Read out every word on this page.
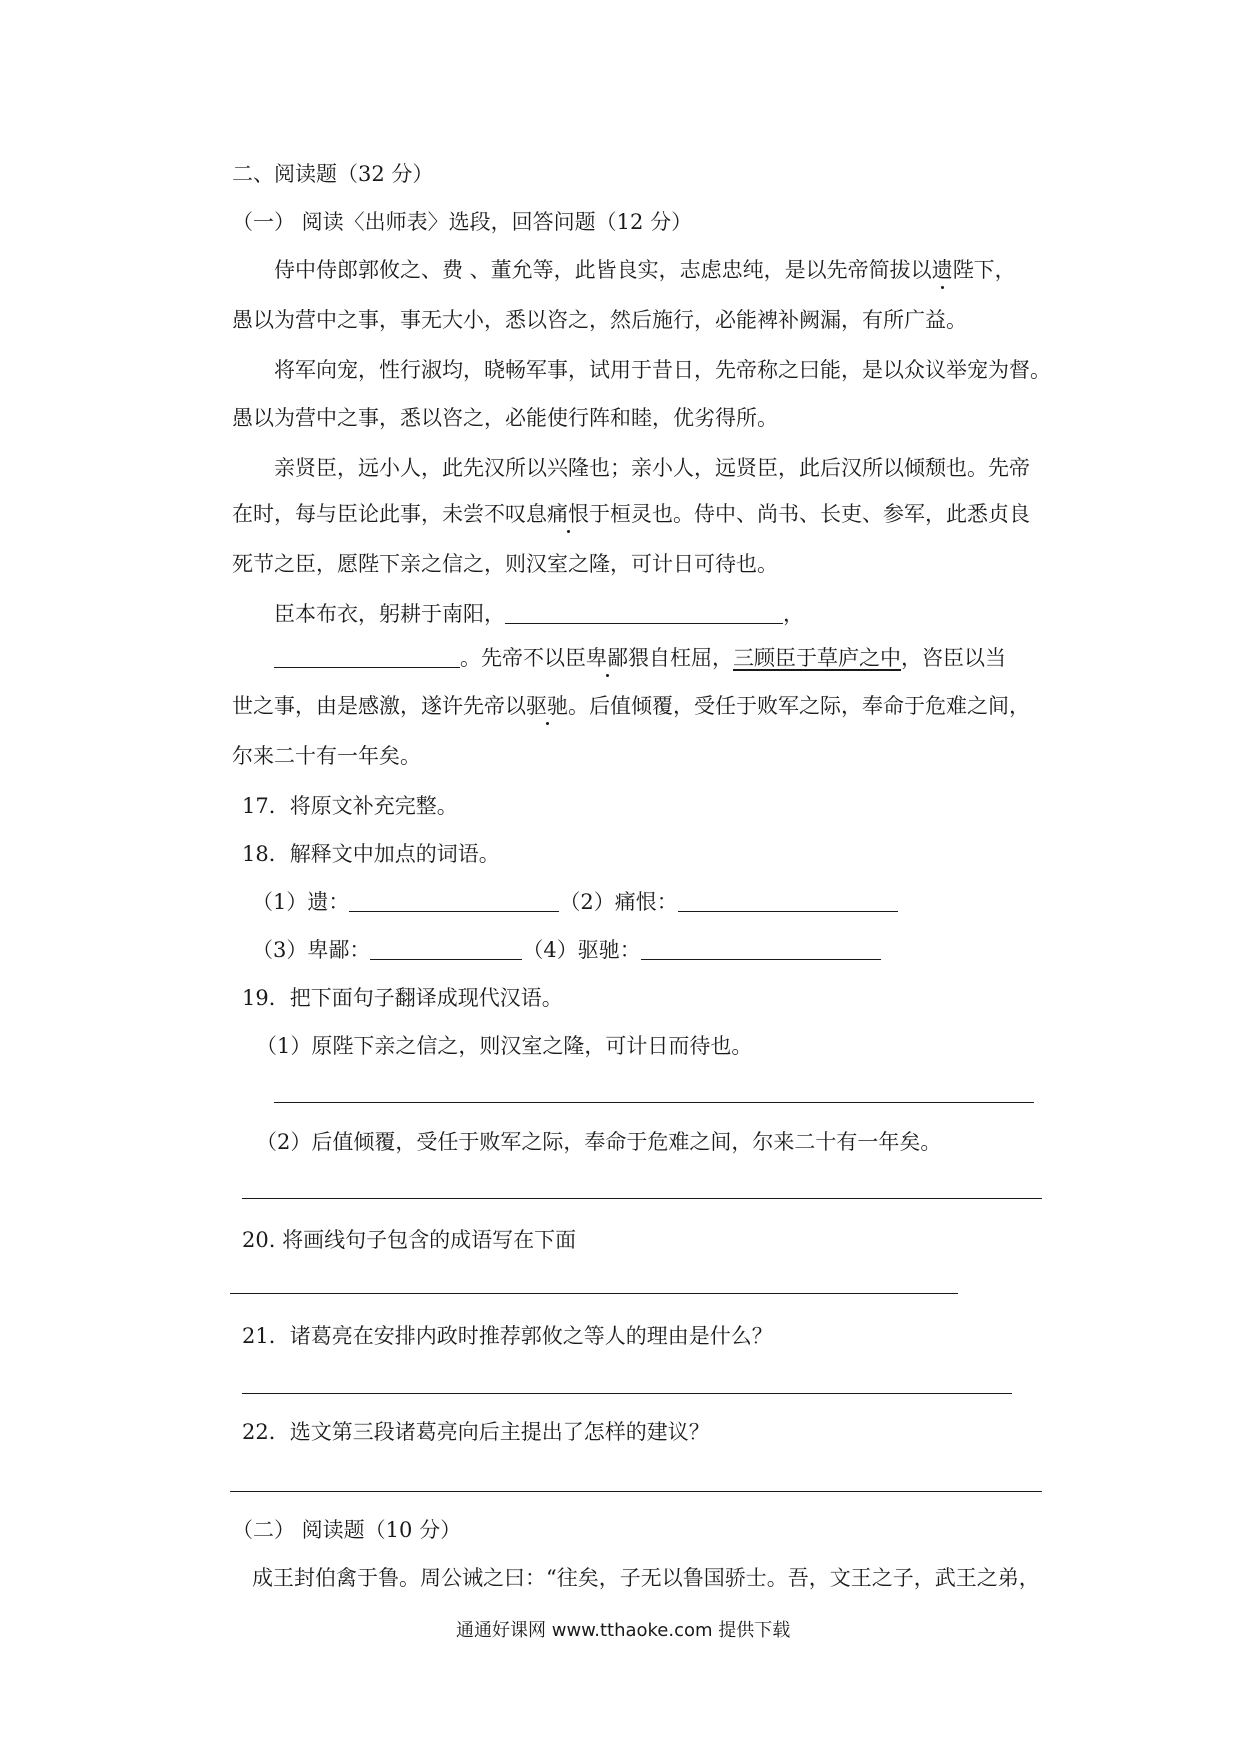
二、阅读题（32 分）
（一） 阅读〈出师表〉选段，回答问题（12 分）
侍中侍郎郭攸之、费 、董允等，此皆良实，志虑忠纯，是以先帝简拔以遗陛下，
愚以为营中之事，事无大小，悉以咨之，然后施行，必能裨补阙漏，有所广益。
将军向宠，性行淑均，晓畅军事，试用于昔日，先帝称之曰能，是以众议举宠为督。
愚以为营中之事，悉以咨之，必能使行阵和睦，优劣得所。
亲贤臣，远小人，此先汉所以兴隆也；亲小人，远贤臣，此后汉所以倾颓也。先帝
在时，每与臣论此事，未尝不叹息痛恨于桓灵也。侍中、尚书、长吏、参军，此悉贞良
死节之臣，愿陛下亲之信之，则汉室之隆，可计日可待也。
臣本布衣，躬耕于南阳，	，
。先帝不以臣卑鄙猥自枉屈，三顾臣于草庐之中，咨臣以当
世之事，由是感激，遂许先帝以驱驰。后值倾覆，受任于败军之际，奉命于危难之间，
尔来二十有一年矣。
17．将原文补充完整。
18．解释文中加点的词语。
（1）遗：	（2）痛恨：
（3）卑鄙：	（4）驱驰：
19．把下面句子翻译成现代汉语。
（1）原陛下亲之信之，则汉室之隆，可计日而待也。
（2）后值倾覆，受任于败军之际，奉命于危难之间，尔来二十有一年矣。
20. 将画线句子包含的成语写在下面
21．诸葛亮在安排内政时推荐郭攸之等人的理由是什么？
22．选文第三段诸葛亮向后主提出了怎样的建议？
（二） 阅读题（10 分）
成王封伯禽于鲁。周公诫之曰：“往矣，子无以鲁国骄士。吾，文王之子，武王之弟，
通通好课网 www.tthaoke.com 提供下载
